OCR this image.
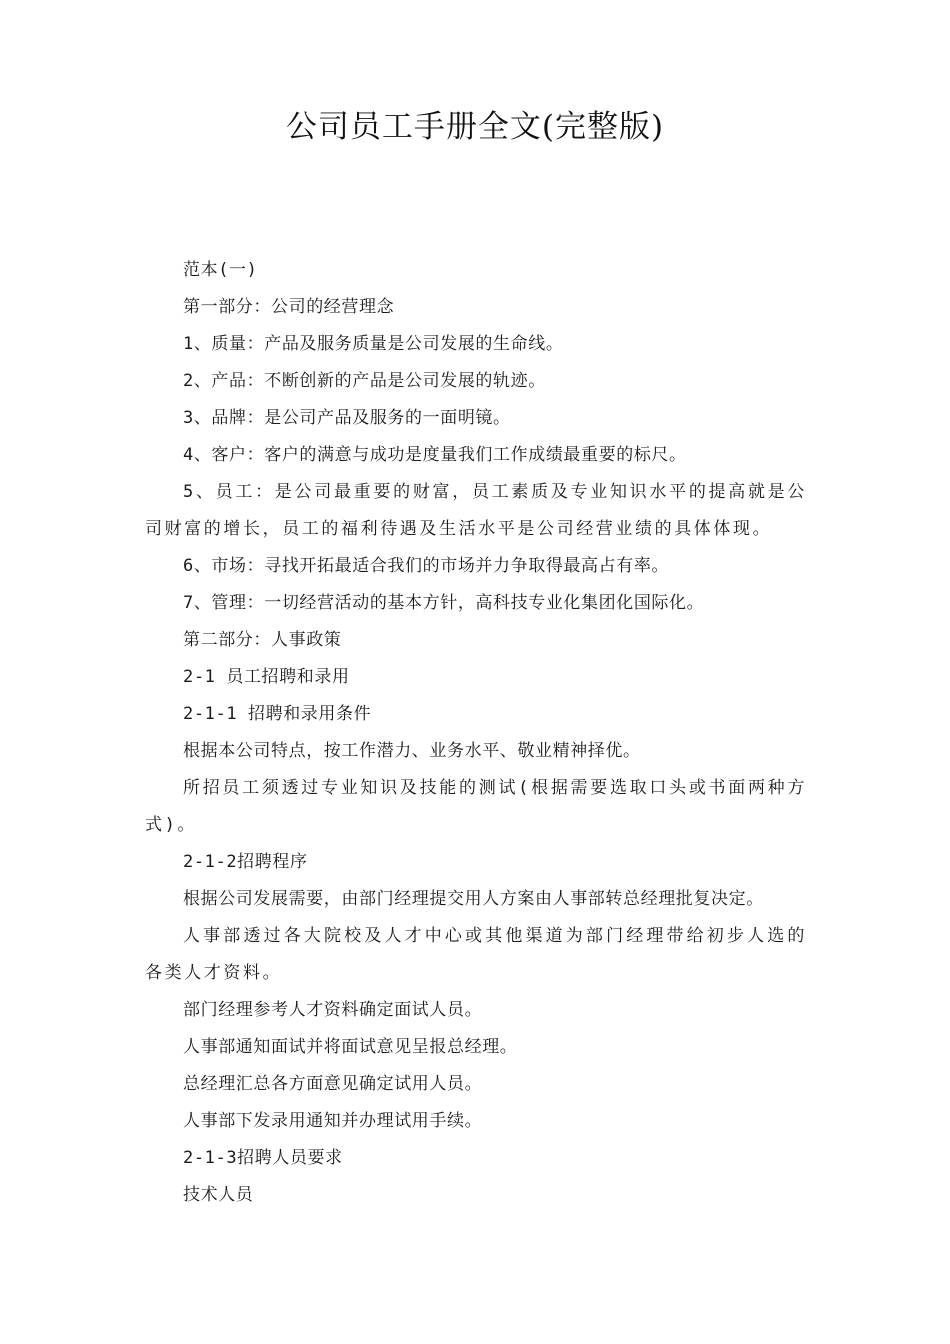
公司员工手册全文(完整版)

范本(一)

第一部分：公司的经营理念

1、质量：产品及服务质量是公司发展的生命线。

2、产品：不断创新的产品是公司发展的轨迹。

3、品牌：是公司产品及服务的一面明镜。

4、客户：客户的满意与成功是度量我们工作成绩最重要的标尺。

5、员工：是公司最重要的财富，员工素质及专业知识水平的提高就是公司财富的增长，员工的福利待遇及生活水平是公司经营业绩的具体体现。

6、市场：寻找开拓最适合我们的市场并力争取得最高占有率。

7、管理：一切经营活动的基本方针，高科技专业化集团化国际化。

第二部分：人事政策

2-1 员工招聘和录用

2-1-1 招聘和录用条件

根据本公司特点，按工作潜力、业务水平、敬业精神择优。

所招员工须透过专业知识及技能的测试(根据需要选取口头或书面两种方式)。

2-1-2招聘程序

根据公司发展需要，由部门经理提交用人方案由人事部转总经理批复决定。

人事部透过各大院校及人才中心或其他渠道为部门经理带给初步人选的各类人才资料。

部门经理参考人才资料确定面试人员。

人事部通知面试并将面试意见呈报总经理。

总经理汇总各方面意见确定试用人员。

人事部下发录用通知并办理试用手续。

2-1-3招聘人员要求

技术人员
